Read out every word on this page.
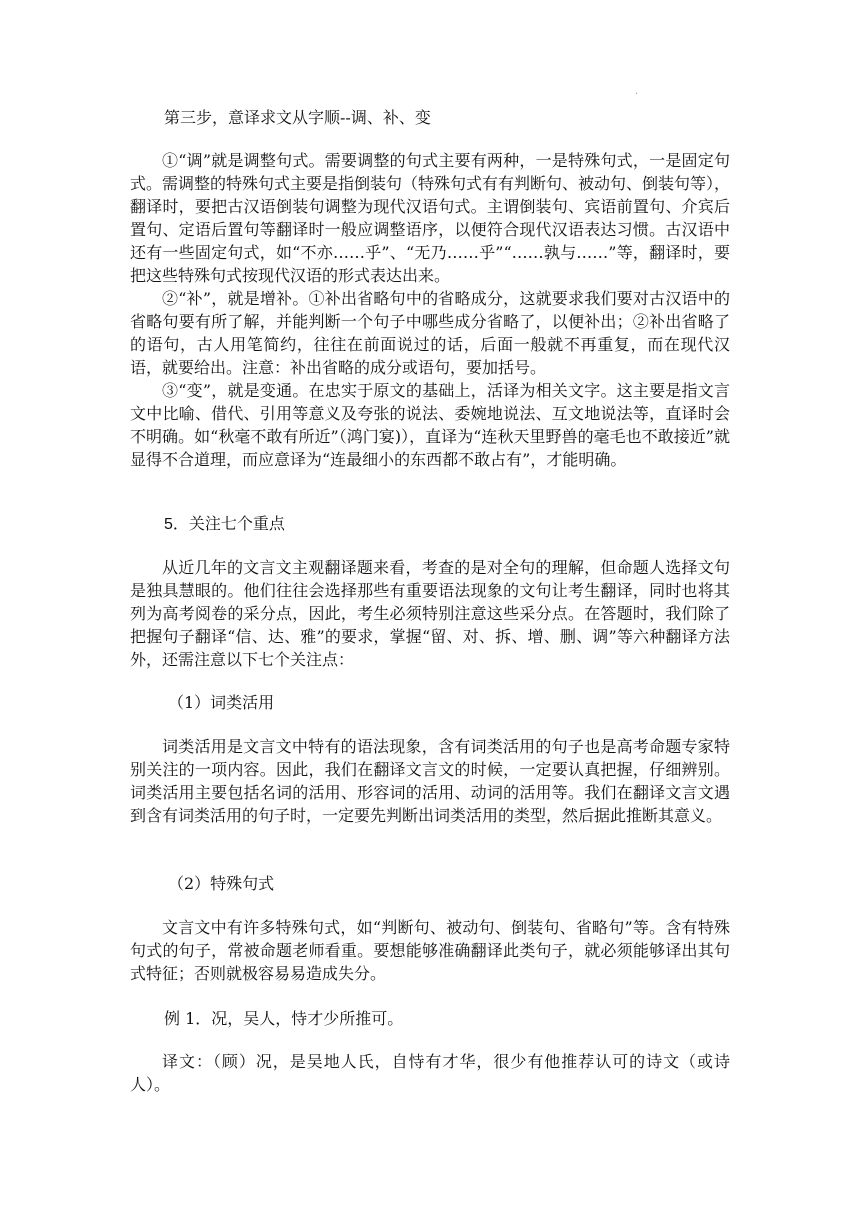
.

第三步，意译求文从字顺--调、补、变

①“调”就是调整句式。需要调整的句式主要有两种，一是特殊句式，一是固定句式。需调整的特殊句式主要是指倒装句（特殊句式有有判断句、被动句、倒装句等），翻译时，要把古汉语倒装句调整为现代汉语句式。主谓倒装句、宾语前置句、介宾后置句、定语后置句等翻译时一般应调整语序，以便符合现代汉语表达习惯。古汉语中还有一些固定句式，如“不亦……乎”、“无乃……乎”“……孰与……”等，翻译时，要把这些特殊句式按现代汉语的形式表达出来。

②“补”，就是增补。①补出省略句中的省略成分，这就要求我们要对古汉语中的省略句要有所了解，并能判断一个句子中哪些成分省略了，以便补出；②补出省略了的语句，古人用笔简约，往往在前面说过的话，后面一般就不再重复，而在现代汉语，就要给出。注意：补出省略的成分或语句，要加括号。

③“变”，就是变通。在忠实于原文的基础上，活译为相关文字。这主要是指文言文中比喻、借代、引用等意义及夸张的说法、委婉地说法、互文地说法等，直译时会不明确。如“秋毫不敢有所近”（鸿门宴)），直译为“连秋天里野兽的毫毛也不敢接近”就显得不合道理，而应意译为“连最细小的东西都不敢占有”，才能明确。

5．关注七个重点

从近几年的文言文主观翻译题来看，考查的是对全句的理解，但命题人选择文句是独具慧眼的。他们往往会选择那些有重要语法现象的文句让考生翻译，同时也将其列为高考阅卷的采分点，因此，考生必须特别注意这些采分点。在答题时，我们除了把握句子翻译“信、达、雅”的要求，掌握“留、对、拆、增、删、调”等六种翻译方法外，还需注意以下七个关注点：

（1）词类活用

词类活用是文言文中特有的语法现象，含有词类活用的句子也是高考命题专家特别关注的一项内容。因此，我们在翻译文言文的时候，一定要认真把握，仔细辨别。词类活用主要包括名词的活用、形容词的活用、动词的活用等。我们在翻译文言文遇到含有词类活用的句子时，一定要先判断出词类活用的类型，然后据此推断其意义。

（2）特殊句式

文言文中有许多特殊句式，如“判断句、被动句、倒装句、省略句”等。含有特殊句式的句子，常被命题老师看重。要想能够准确翻译此类句子，就必须能够译出其句式特征；否则就极容易易造成失分。

例 1．况，吴人，恃才少所推可。

译文：（顾）况，是吴地人氏，自恃有才华，很少有他推荐认可的诗文（或诗人）。
